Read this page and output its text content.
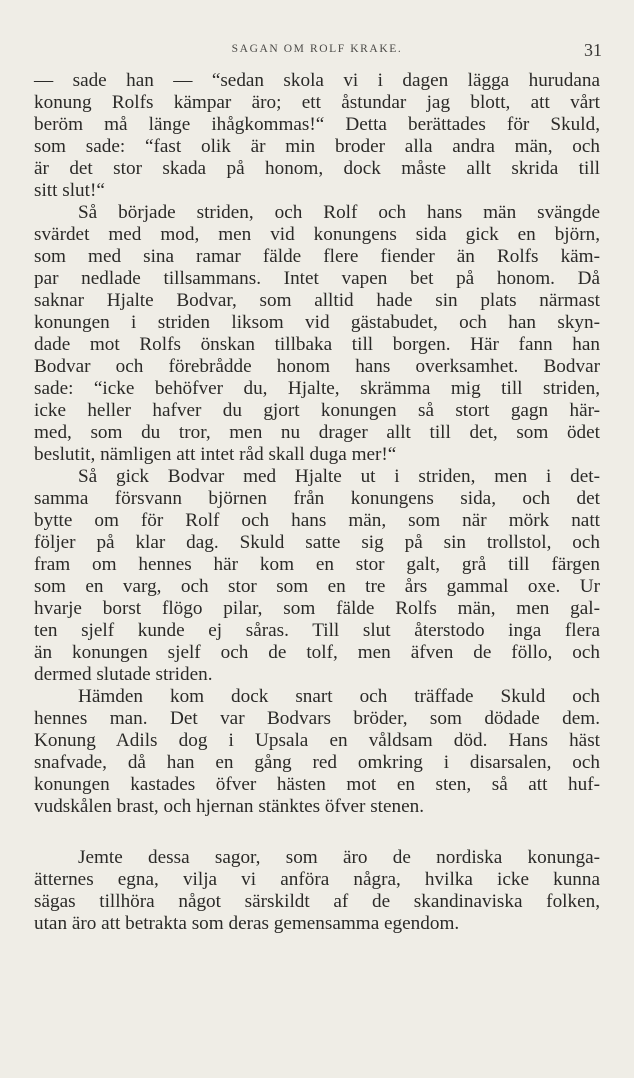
SAGAN OM ROLF KRAKE.	31
— sade han — “sedan skola vi i dagen lägga hurudana
konung Rolfs kämpar äro; ett åstundar jag blott, att vårt
beröm må länge ihågkommas!“ Detta berättades för Skuld,
som sade: “fast olik är min broder alla andra män, och
är det stor skada på honom, dock måste allt skrida till
sitt slut!“
Så började striden, och Rolf och hans män svängde
svärdet med mod, men vid konungens sida gick en björn,
som med sina ramar fälde flere fiender än Rolfs käm-
par nedlade tillsammans. Intet vapen bet på honom. Då
saknar Hjalte Bodvar, som alltid hade sin plats närmast
konungen i striden liksom vid gästabudet, och han skyn-
dade mot Rolfs önskan tillbaka till borgen. Här fann han
Bodvar och förebrådde honom hans overksamhet. Bodvar
sade: “icke behöfver du, Hjalte, skrämma mig till striden,
icke heller hafver du gjort konungen så stort gagn här-
med, som du tror, men nu drager allt till det, som ödet
beslutit, nämligen att intet råd skall duga mer!“
Så gick Bodvar med Hjalte ut i striden, men i det-
samma försvann björnen från konungens sida, och det
bytte om för Rolf och hans män, som när mörk natt
följer på klar dag. Skuld satte sig på sin trollstol, och
fram om hennes här kom en stor galt, grå till färgen
som en varg, och stor som en tre års gammal oxe. Ur
hvarje borst flögo pilar, som fälde Rolfs män, men gal-
ten sjelf kunde ej såras. Till slut återstodo inga flera
än konungen sjelf och de tolf, men äfven de föllo, och
dermed slutade striden.
Hämden kom dock snart och träffade Skuld och
hennes man. Det var Bodvars bröder, som dödade dem.
Konung Adils dog i Upsala en våldsam död. Hans häst
snafvade, då han en gång red omkring i disarsalen, och
konungen kastades öfver hästen mot en sten, så att huf-
vudskålen brast, och hjernan stänktes öfver stenen.
Jemte dessa sagor, som äro de nordiska konunga-
ätternes egna, vilja vi anföra några, hvilka icke kunna
sägas tillhöra något särskildt af de skandinaviska folken,
utan äro att betrakta som deras gemensamma egendom.
